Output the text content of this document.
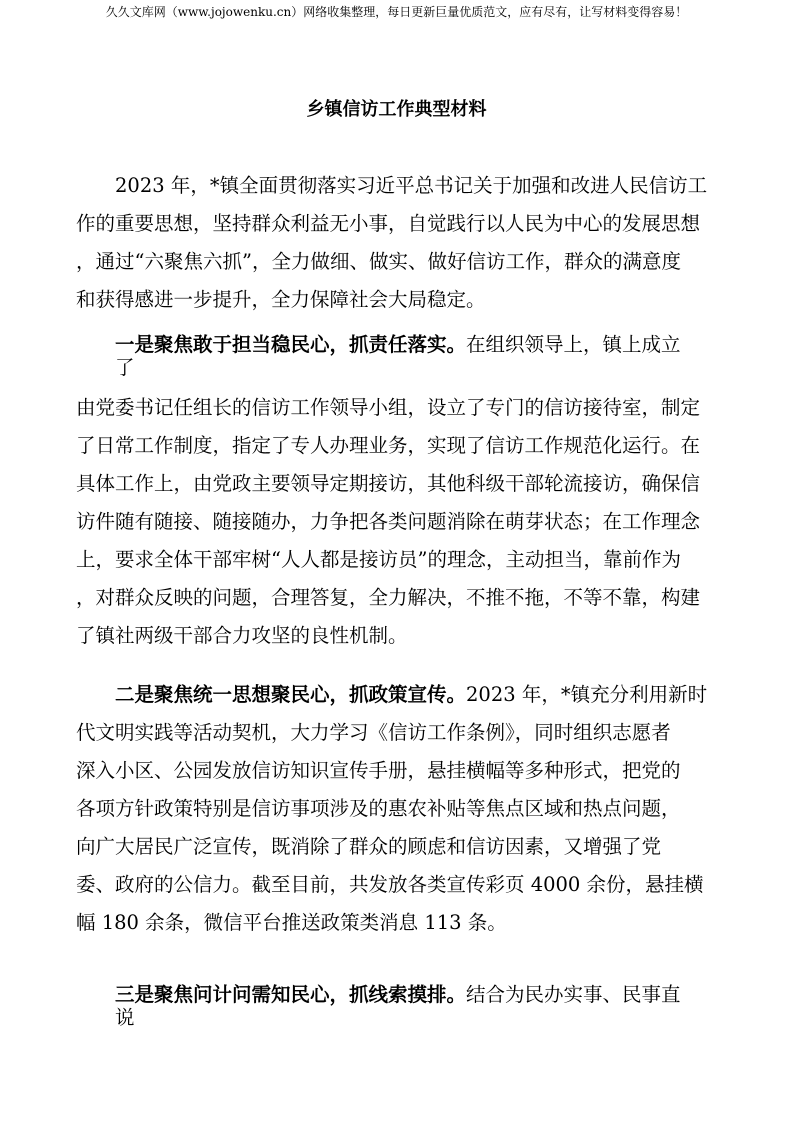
久久文库网（www.jojowenku.cn）网络收集整理，每日更新巨量优质范文，应有尽有，让写材料变得容易！
乡镇信访工作典型材料
2023 年，*镇全面贯彻落实习近平总书记关于加强和改进人民信访工
作的重要思想，坚持群众利益无小事，自觉践行以人民为中心的发展思想
，通过“六聚焦六抓”，全力做细、做实、做好信访工作，群众的满意度
和获得感进一步提升，全力保障社会大局稳定。
一是聚焦敢于担当稳民心，抓责任落实。在组织领导上，镇上成立
了
由党委书记任组长的信访工作领导小组，设立了专门的信访接待室，制定
了日常工作制度，指定了专人办理业务，实现了信访工作规范化运行。在
具体工作上，由党政主要领导定期接访，其他科级干部轮流接访，确保信
访件随有随接、随接随办，力争把各类问题消除在萌芽状态；在工作理念
上，要求全体干部牢树“人人都是接访员”的理念，主动担当，靠前作为
，对群众反映的问题，合理答复，全力解决，不推不拖，不等不靠，构建
了镇社两级干部合力攻坚的良性机制。
二是聚焦统一思想聚民心，抓政策宣传。2023 年，*镇充分利用新时
代文明实践等活动契机，大力学习《信访工作条例》，同时组织志愿者
深入小区、公园发放信访知识宣传手册，悬挂横幅等多种形式，把党的
各项方针政策特别是信访事项涉及的惠农补贴等焦点区域和热点问题，
向广大居民广泛宣传，既消除了群众的顾虑和信访因素，又增强了党
委、政府的公信力。截至目前，共发放各类宣传彩页 4000 余份，悬挂横
幅 180 余条，微信平台推送政策类消息 113 条。
三是聚焦问计问需知民心，抓线索摸排。结合为民办实事、民事直
说
